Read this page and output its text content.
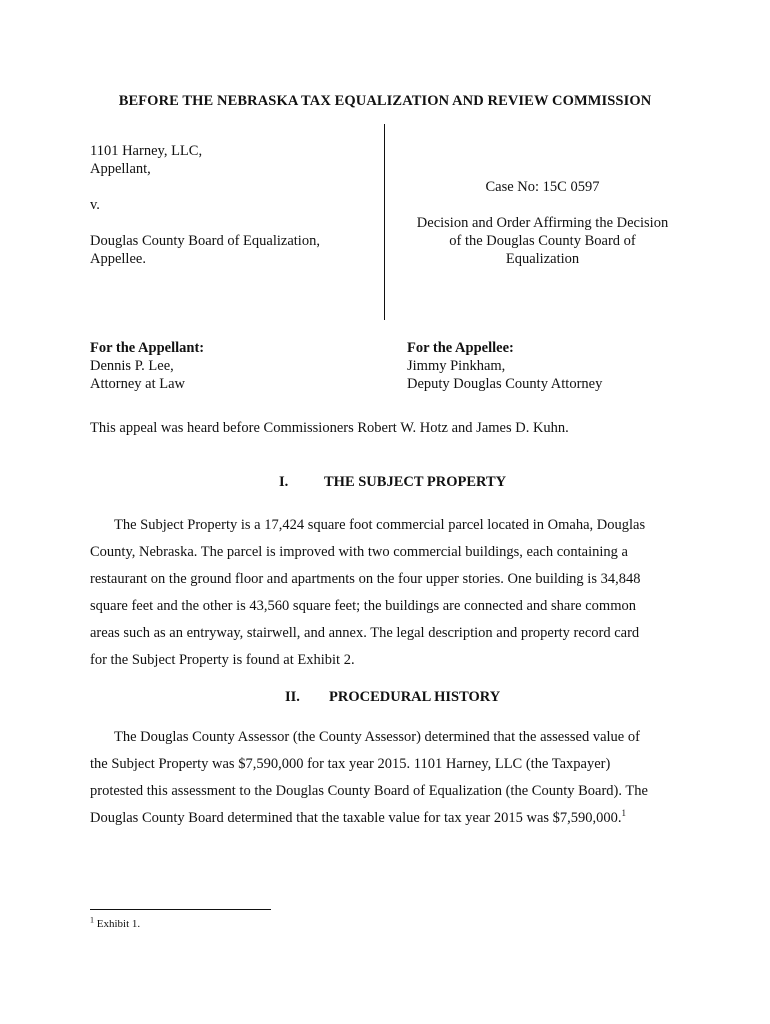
BEFORE THE NEBRASKA TAX EQUALIZATION AND REVIEW COMMISSION
1101 Harney, LLC,
Appellant,
v.
Douglas County Board of Equalization,
Appellee.
Case No: 15C 0597
Decision and Order Affirming the Decision
of the Douglas County Board of
Equalization
For the Appellant:
Dennis P. Lee,
Attorney at Law
For the Appellee:
Jimmy Pinkham,
Deputy Douglas County Attorney
This appeal was heard before Commissioners Robert W. Hotz and James D. Kuhn.
I. THE SUBJECT PROPERTY
The Subject Property is a 17,424 square foot commercial parcel located in Omaha, Douglas
County, Nebraska. The parcel is improved with two commercial buildings, each containing a
restaurant on the ground floor and apartments on the four upper stories. One building is 34,848
square feet and the other is 43,560 square feet; the buildings are connected and share common
areas such as an entryway, stairwell, and annex. The legal description and property record card
for the Subject Property is found at Exhibit 2.
II. PROCEDURAL HISTORY
The Douglas County Assessor (the County Assessor) determined that the assessed value of
the Subject Property was $7,590,000 for tax year 2015. 1101 Harney, LLC (the Taxpayer)
protested this assessment to the Douglas County Board of Equalization (the County Board). The
Douglas County Board determined that the taxable value for tax year 2015 was $7,590,000.$^1$
$^1$ Exhibit 1.
